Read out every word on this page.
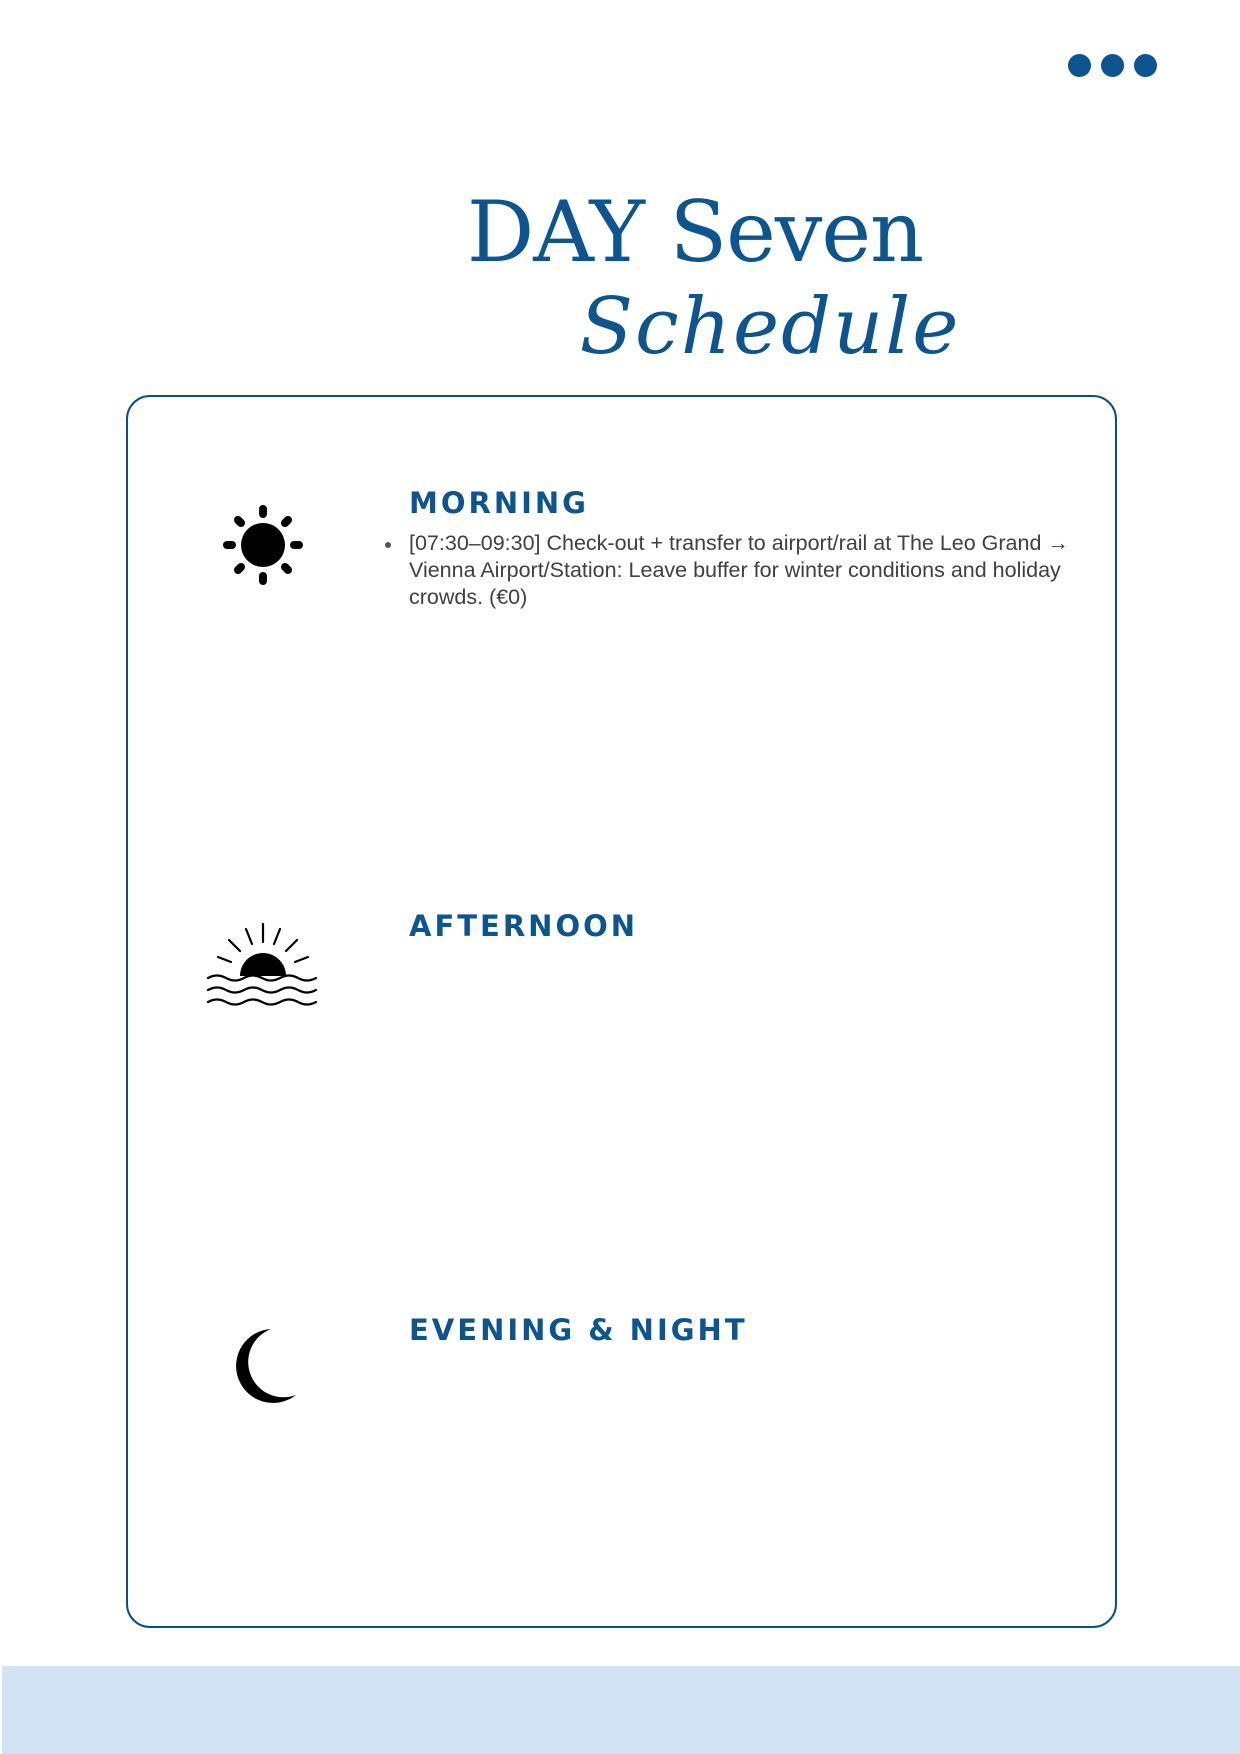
DAY Seven
Schedule
MORNING
[07:30–09:30] Check-out + transfer to airport/rail at The Leo Grand → Vienna Airport/Station: Leave buffer for winter conditions and holiday crowds. (€0)
AFTERNOON
EVENING & NIGHT
